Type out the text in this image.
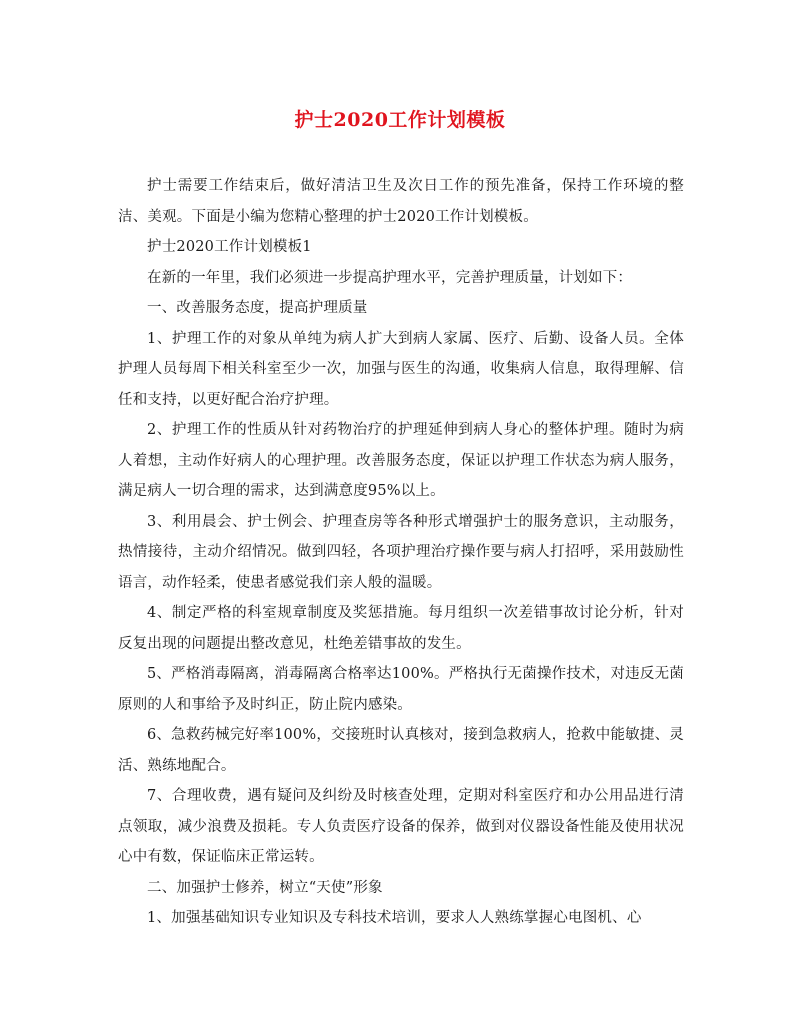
护士2020工作计划模板

护士需要工作结束后，做好清洁卫生及次日工作的预先准备，保持工作环境的整洁、美观。下面是小编为您精心整理的护士2020工作计划模板。

护士2020工作计划模板1

在新的一年里，我们必须进一步提高护理水平，完善护理质量，计划如下：

一、改善服务态度，提高护理质量

1、护理工作的对象从单纯为病人扩大到病人家属、医疗、后勤、设备人员。全体护理人员每周下相关科室至少一次，加强与医生的沟通，收集病人信息，取得理解、信任和支持，以更好配合治疗护理。

2、护理工作的性质从针对药物治疗的护理延伸到病人身心的整体护理。随时为病人着想，主动作好病人的心理护理。改善服务态度，保证以护理工作状态为病人服务，满足病人一切合理的需求，达到满意度95%以上。

3、利用晨会、护士例会、护理查房等各种形式增强护士的服务意识，主动服务，热情接待，主动介绍情况。做到四轻，各项护理治疗操作要与病人打招呼，采用鼓励性语言，动作轻柔，使患者感觉我们亲人般的温暖。

4、制定严格的科室规章制度及奖惩措施。每月组织一次差错事故讨论分析，针对反复出现的问题提出整改意见，杜绝差错事故的发生。

5、严格消毒隔离，消毒隔离合格率达100%。严格执行无菌操作技术，对违反无菌原则的人和事给予及时纠正，防止院内感染。

6、急救药械完好率100%，交接班时认真核对，接到急救病人，抢救中能敏捷、灵活、熟练地配合。

7、合理收费，遇有疑问及纠纷及时核查处理，定期对科室医疗和办公用品进行清点领取，减少浪费及损耗。专人负责医疗设备的保养，做到对仪器设备性能及使用状况心中有数，保证临床正常运转。

二、加强护士修养，树立“天使”形象

1、加强基础知识专业知识及专科技术培训，要求人人熟练掌握心电图机、心
